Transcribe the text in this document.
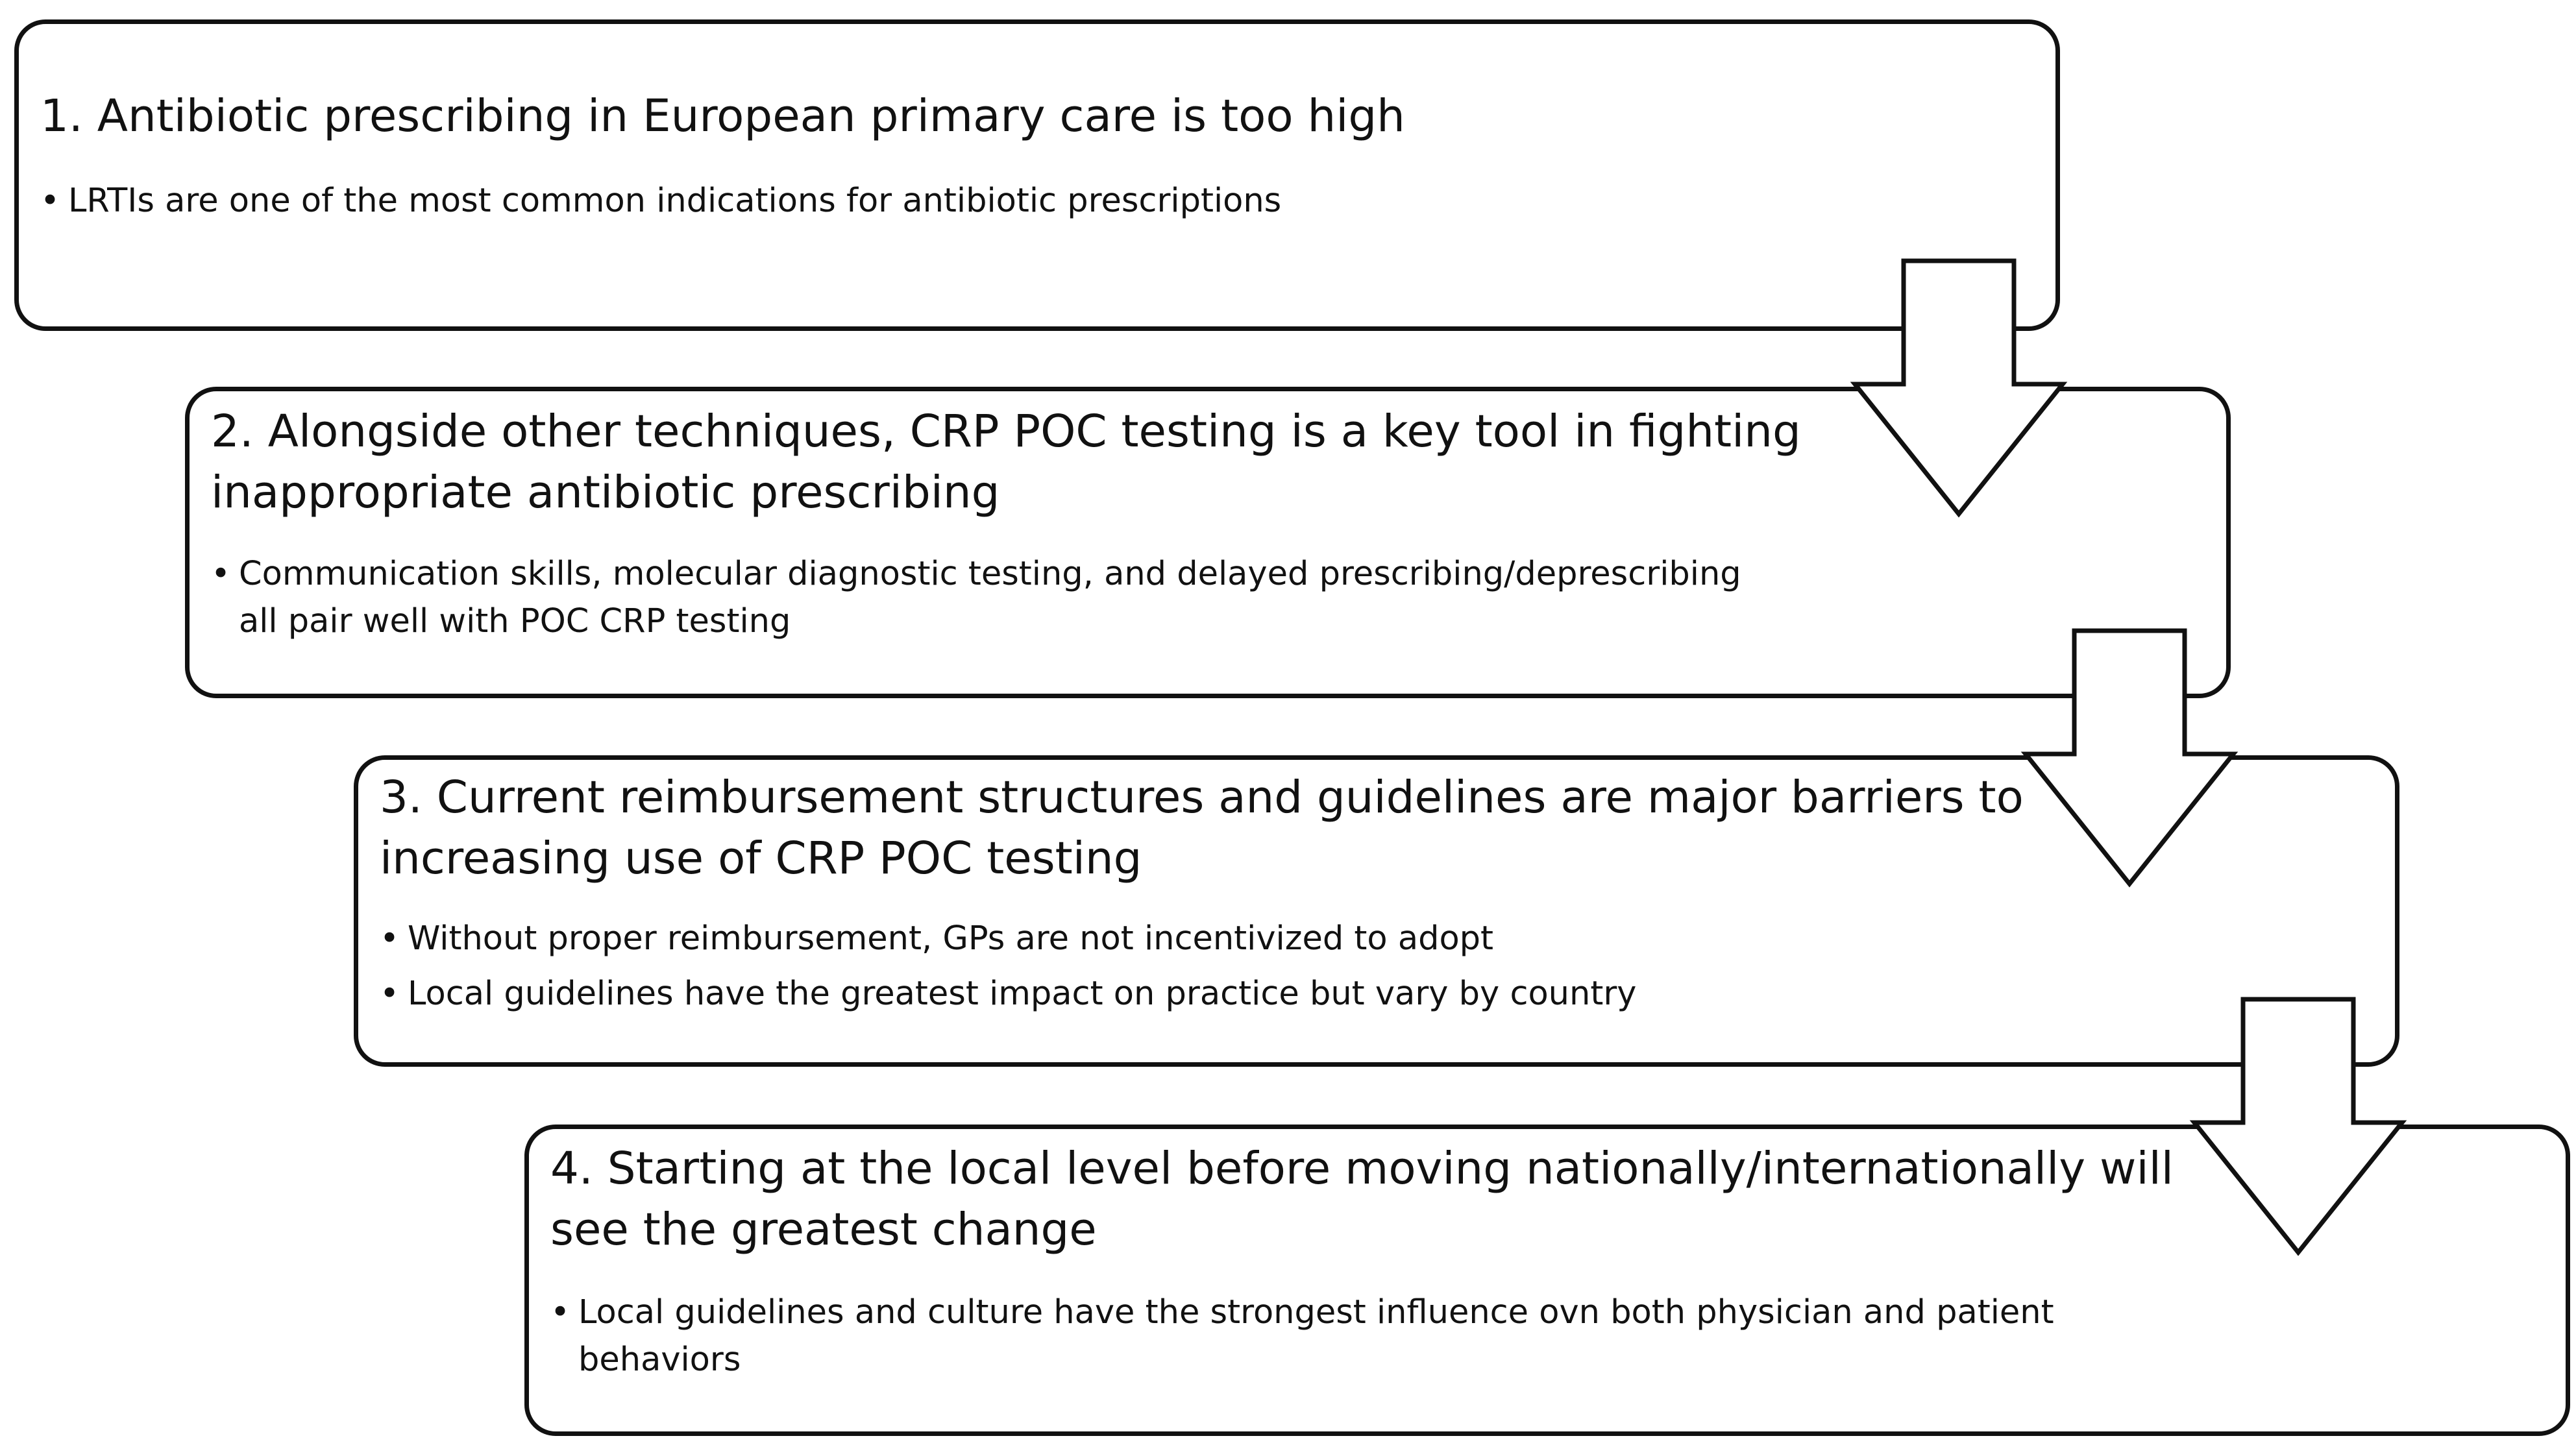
1. Antibiotic prescribing in European primary care is too high
• LRTIs are one of the most common indications for antibiotic prescriptions
2. Alongside other techniques, CRP POC testing is a key tool in fighting
inappropriate antibiotic prescribing
• Communication skills, molecular diagnostic testing, and delayed prescribing/deprescribing
all pair well with POC CRP testing
3. Current reimbursement structures and guidelines are major barriers to
increasing use of CRP POC testing
• Without proper reimbursement, GPs are not incentivized to adopt
• Local guidelines have the greatest impact on practice but vary by country
4. Starting at the local level before moving nationally/internationally will
see the greatest change
• Local guidelines and culture have the strongest influence ovn both physician and patient
behaviors
